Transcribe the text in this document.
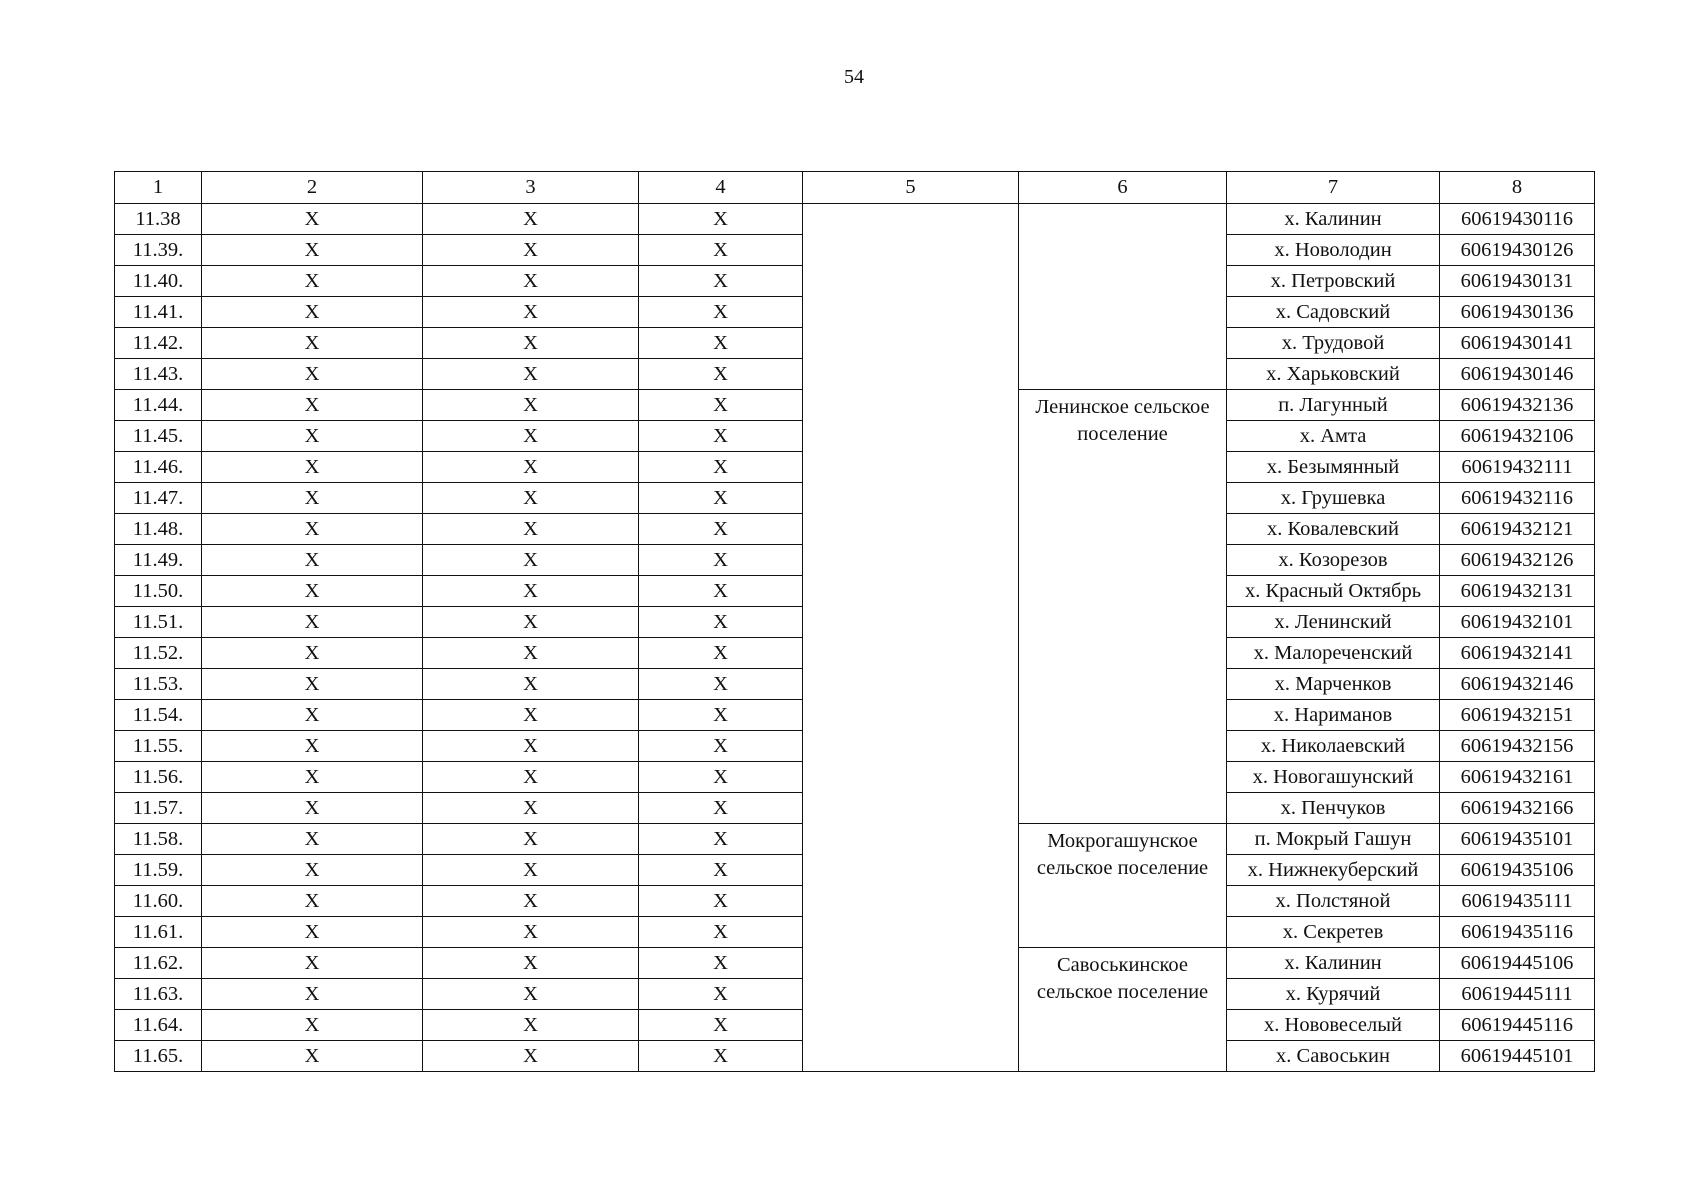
54
1	2	3	4	5	6	7	8
11.38	X	X	X			х. Калинин	60619430116
11.39.	X	X	X			х. Новолодин	60619430126
11.40.	X	X	X			х. Петровский	60619430131
11.41.	X	X	X			х. Садовский	60619430136
11.42.	X	X	X			х. Трудовой	60619430141
11.43.	X	X	X			х. Харьковский	60619430146
11.44.	X	X	X		Ленинское сельское поселение	п. Лагунный	60619432136
11.45.	X	X	X			х. Амта	60619432106
11.46.	X	X	X			х. Безымянный	60619432111
11.47.	X	X	X			х. Грушевка	60619432116
11.48.	X	X	X			х. Ковалевский	60619432121
11.49.	X	X	X			х. Козорезов	60619432126
11.50.	X	X	X			х. Красный Октябрь	60619432131
11.51.	X	X	X			х. Ленинский	60619432101
11.52.	X	X	X			х. Малореченский	60619432141
11.53.	X	X	X			х. Марченков	60619432146
11.54.	X	X	X			х. Нариманов	60619432151
11.55.	X	X	X			х. Николаевский	60619432156
11.56.	X	X	X			х. Новогашунский	60619432161
11.57.	X	X	X			х. Пенчуков	60619432166
11.58.	X	X	X		Мокрогашунское сельское поселение	п. Мокрый Гашун	60619435101
11.59.	X	X	X			х. Нижнекуберский	60619435106
11.60.	X	X	X			х. Полстяной	60619435111
11.61.	X	X	X			х. Секретев	60619435116
11.62.	X	X	X		Савоськинское сельское поселение	х. Калинин	60619445106
11.63.	X	X	X			х. Курячий	60619445111
11.64.	X	X	X			х. Нововеселый	60619445116
11.65.	X	X	X			х. Савоськин	60619445101
